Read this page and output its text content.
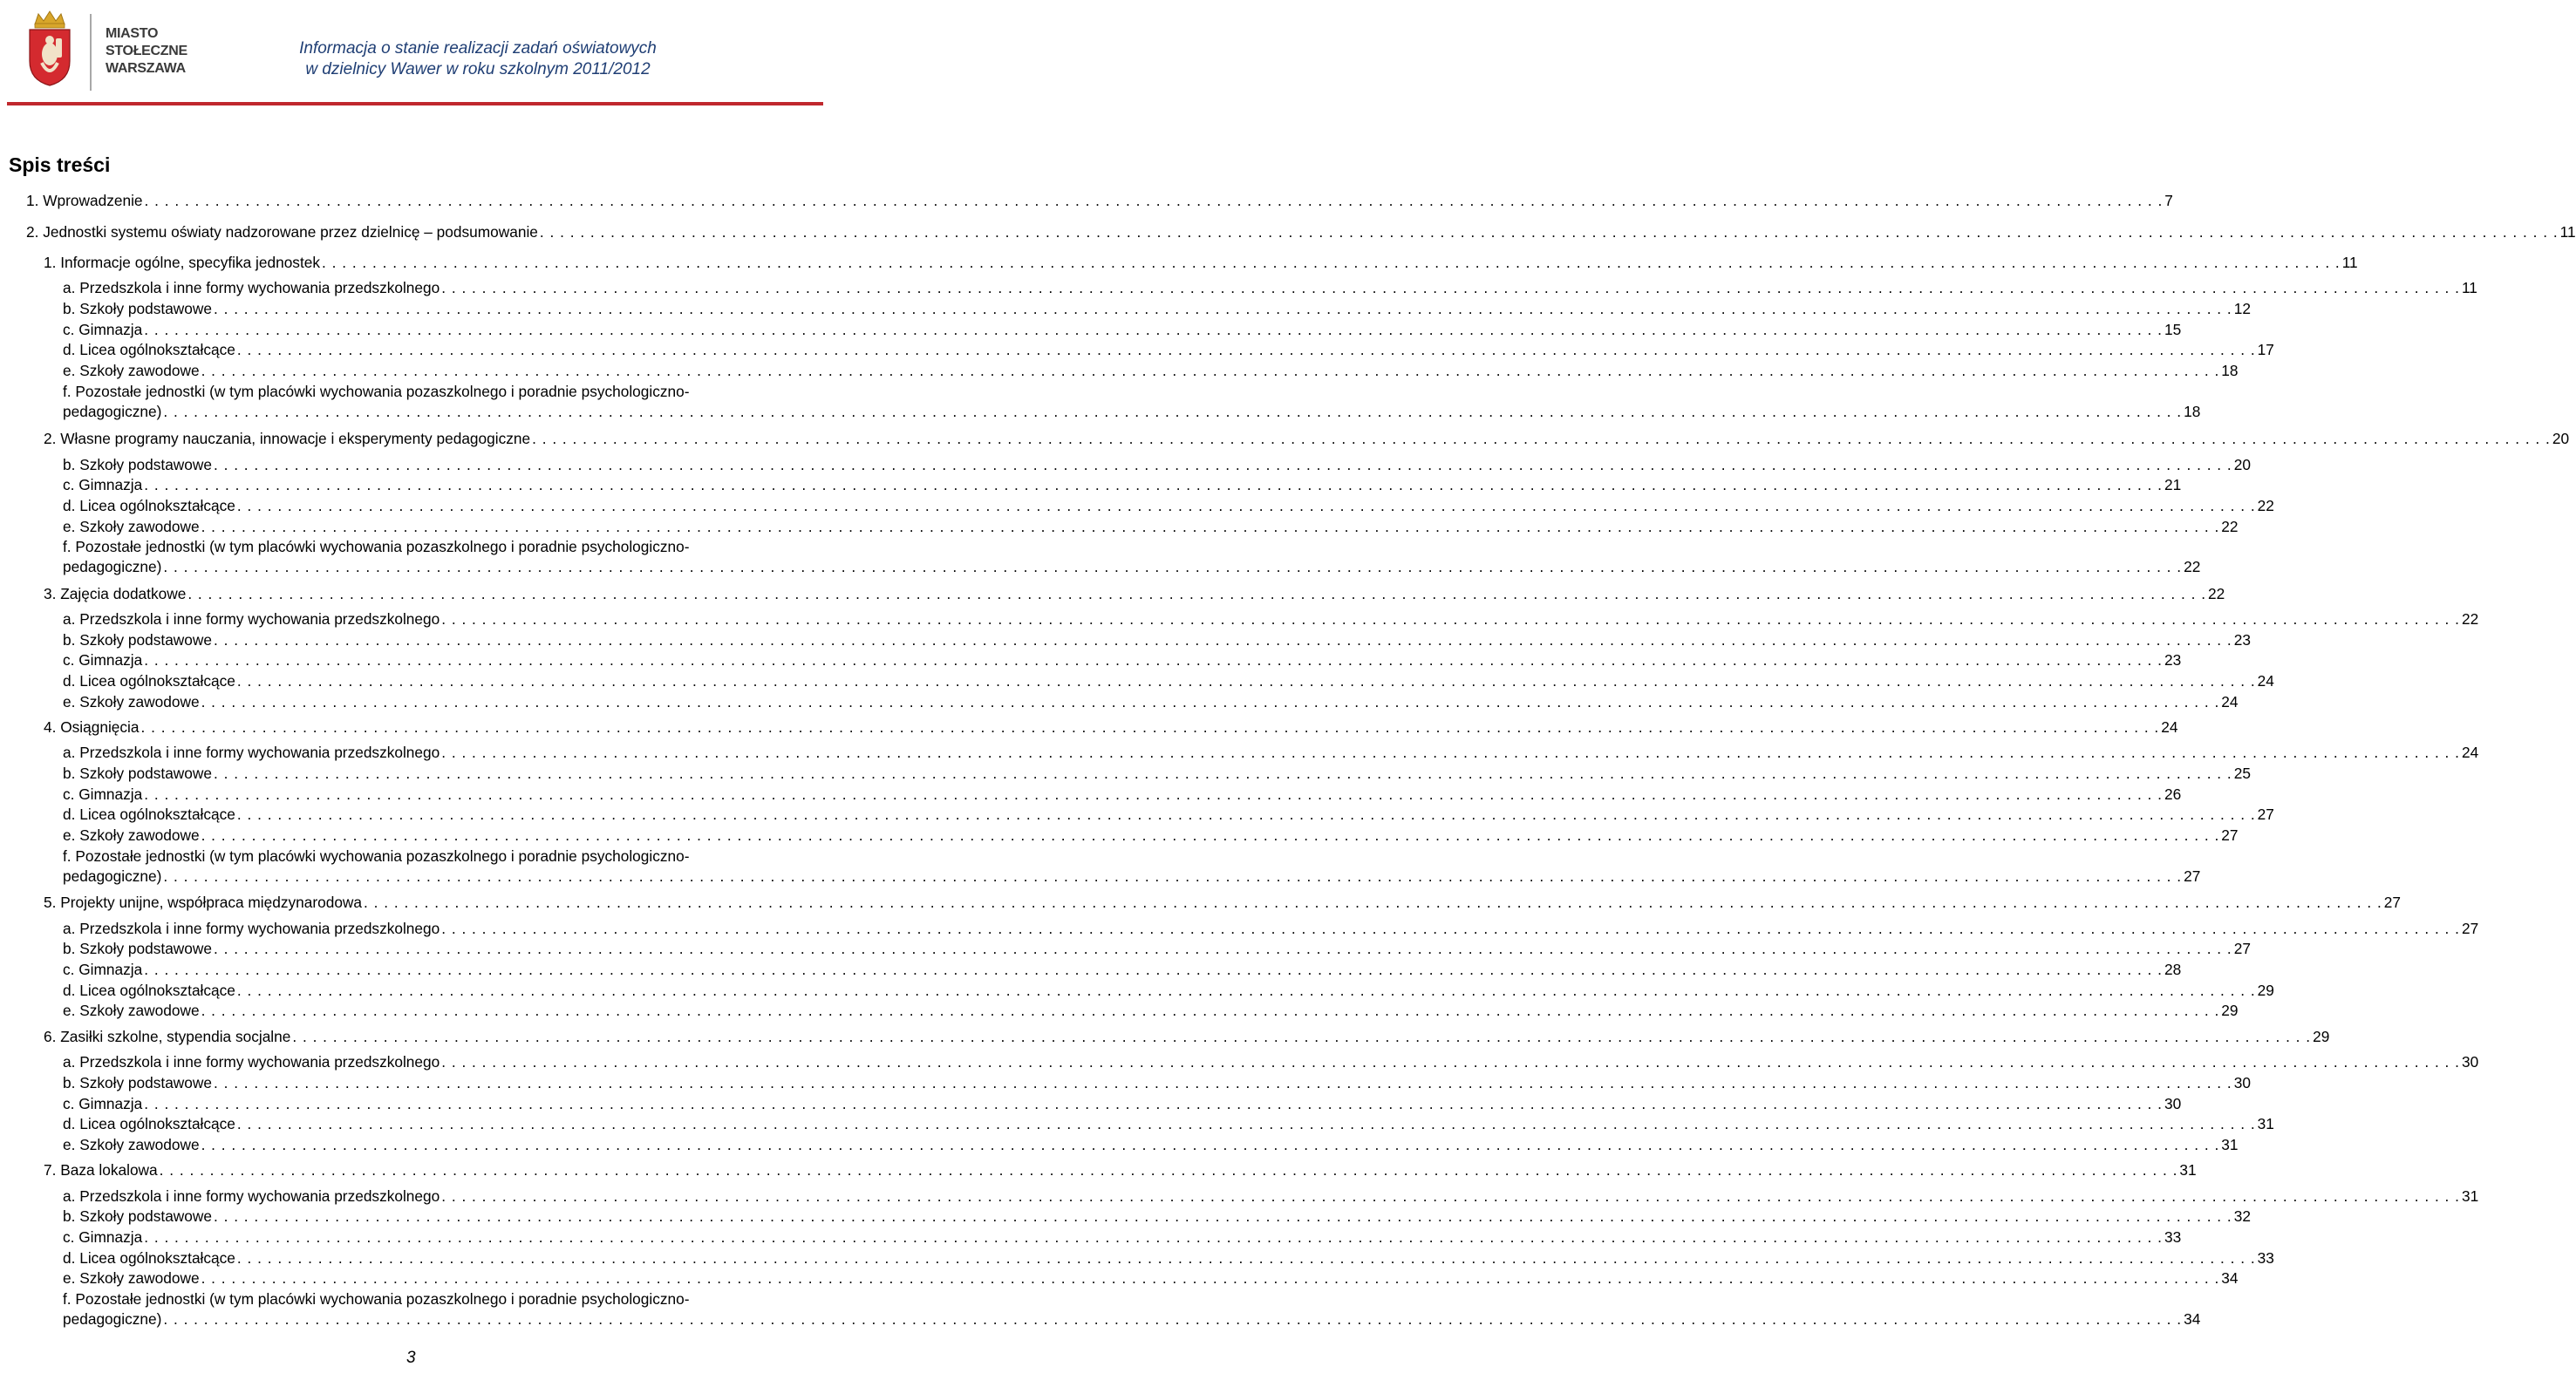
MIASTO
STOŁECZNE
WARSZAWA
Informacja o stanie realizacji zadań oświatowych
w dzielnicy Wawer w roku szkolnym 2011/2012
Spis treści
1. Wprowadzenie . . . . . . . . . . . . . . . . . . . . . . . . . . . . . . . . . . . . . . . . . . . . . . . . . . . . . . . . . . . . . . . . . . . . . . . . . . . . . . . . . . . . . . . . . . . . . . . . . . . . . . . . . . . . . . . . . . . . . . . . . . . . . . . . . . . . . . . . . . . . . . . . . . . . . . . . . . . . . . . . . . . . . . . . . . . . . . . . . . . . . . . . . . . . . . . . . . . . . . . . 7
2. Jednostki systemu oświaty nadzorowane przez dzielnicę – podsumowanie . . . . . . . . . . . . . . . . . . . . . . . . . . . . . . . . . . . . . . . . . . . . . . . . . . . . . . . . . . . . . . . . . . . . . . . . . . . . . . . . . . . . . . . . . . . . . . . . . . . . . . . . . . . . . . . . . . . . . . . . . . . . . . . . . . . . . . . . . . . . . . . . . . . . . . . . . . . . . . . . . . . . . . . . . . . . . . . . . . . . . . . . . . . . . . . . . . . . . . . . 11
1. Informacje ogólne, specyfika jednostek . . . . . . . . . . . . . . . . . . . . . . . . . . . . . . . . . . . . . . . . . . . . . . . . . . . . . . . . . . . . . . . . . . . . . . . . . . . . . . . . . . . . . . . . . . . . . . . . . . . . . . . . . . . . . . . . . . . . . . . . . . . . . . . . . . . . . . . . . . . . . . . . . . . . . . . . . . . . . . . . . . . . . . . . . . . . . . . . . . . . . . . . . . . . . . . . . . . . . . . . 11
a. Przedszkola i inne formy wychowania przedszkolnego . . . . . . . . . . . . . . . . . . . . . . . . . . . . . . . . . . . . . . . . . . . . . . . . . . . . . . . . . . . . . . . . . . . . . . . . . . . . . . . . . . . . . . . . . . . . . . . . . . . . . . . . . . . . . . . . . . . . . . . . . . . . . . . . . . . . . . . . . . . . . . . . . . . . . . . . . . . . . . . . . . . . . . . . . . . . . . . . . . . . . . . . . . . . . . . . . . . . . . . . 11
b. Szkoły podstawowe . . . . . . . . . . . . . . . . . . . . . . . . . . . . . . . . . . . . . . . . . . . . . . . . . . . . . . . . . . . . . . . . . . . . . . . . . . . . . . . . . . . . . . . . . . . . . . . . . . . . . . . . . . . . . . . . . . . . . . . . . . . . . . . . . . . . . . . . . . . . . . . . . . . . . . . . . . . . . . . . . . . . . . . . . . . . . . . . . . . . . . . . . . . . . . . . . . . . . . . . 12
c. Gimnazja . . . . . . . . . . . . . . . . . . . . . . . . . . . . . . . . . . . . . . . . . . . . . . . . . . . . . . . . . . . . . . . . . . . . . . . . . . . . . . . . . . . . . . . . . . . . . . . . . . . . . . . . . . . . . . . . . . . . . . . . . . . . . . . . . . . . . . . . . . . . . . . . . . . . . . . . . . . . . . . . . . . . . . . . . . . . . . . . . . . . . . . . . . . . . . . . . . . . . . . . 15
d. Licea ogólnokształcące . . . . . . . . . . . . . . . . . . . . . . . . . . . . . . . . . . . . . . . . . . . . . . . . . . . . . . . . . . . . . . . . . . . . . . . . . . . . . . . . . . . . . . . . . . . . . . . . . . . . . . . . . . . . . . . . . . . . . . . . . . . . . . . . . . . . . . . . . . . . . . . . . . . . . . . . . . . . . . . . . . . . . . . . . . . . . . . . . . . . . . . . . . . . . . . . . . . . . . . . 17
e. Szkoły zawodowe . . . . . . . . . . . . . . . . . . . . . . . . . . . . . . . . . . . . . . . . . . . . . . . . . . . . . . . . . . . . . . . . . . . . . . . . . . . . . . . . . . . . . . . . . . . . . . . . . . . . . . . . . . . . . . . . . . . . . . . . . . . . . . . . . . . . . . . . . . . . . . . . . . . . . . . . . . . . . . . . . . . . . . . . . . . . . . . . . . . . . . . . . . . . . . . . . . . . . . . . 18
f. Pozostałe jednostki (w tym placówki wychowania pozaszkolnego i poradnie psychologiczno-
pedagogiczne) . . . . . . . . . . . . . . . . . . . . . . . . . . . . . . . . . . . . . . . . . . . . . . . . . . . . . . . . . . . . . . . . . . . . . . . . . . . . . . . . . . . . . . . . . . . . . . . . . . . . . . . . . . . . . . . . . . . . . . . . . . . . . . . . . . . . . . . . . . . . . . . . . . . . . . . . . . . . . . . . . . . . . . . . . . . . . . . . . . . . . . . . . . . . . . . . . . . . . . . . 18
2. Własne programy nauczania, innowacje i eksperymenty pedagogiczne . . . . . . . . . . . . . . . . . . . . . . . . . . . . . . . . . . . . . . . . . . . . . . . . . . . . . . . . . . . . . . . . . . . . . . . . . . . . . . . . . . . . . . . . . . . . . . . . . . . . . . . . . . . . . . . . . . . . . . . . . . . . . . . . . . . . . . . . . . . . . . . . . . . . . . . . . . . . . . . . . . . . . . . . . . . . . . . . . . . . . . . . . . . . . . . . . . . . . . . . 20
b. Szkoły podstawowe . . . . . . . . . . . . . . . . . . . . . . . . . . . . . . . . . . . . . . . . . . . . . . . . . . . . . . . . . . . . . . . . . . . . . . . . . . . . . . . . . . . . . . . . . . . . . . . . . . . . . . . . . . . . . . . . . . . . . . . . . . . . . . . . . . . . . . . . . . . . . . . . . . . . . . . . . . . . . . . . . . . . . . . . . . . . . . . . . . . . . . . . . . . . . . . . . . . . . . . . 20
c. Gimnazja . . . . . . . . . . . . . . . . . . . . . . . . . . . . . . . . . . . . . . . . . . . . . . . . . . . . . . . . . . . . . . . . . . . . . . . . . . . . . . . . . . . . . . . . . . . . . . . . . . . . . . . . . . . . . . . . . . . . . . . . . . . . . . . . . . . . . . . . . . . . . . . . . . . . . . . . . . . . . . . . . . . . . . . . . . . . . . . . . . . . . . . . . . . . . . . . . . . . . . . . 21
d. Licea ogólnokształcące . . . . . . . . . . . . . . . . . . . . . . . . . . . . . . . . . . . . . . . . . . . . . . . . . . . . . . . . . . . . . . . . . . . . . . . . . . . . . . . . . . . . . . . . . . . . . . . . . . . . . . . . . . . . . . . . . . . . . . . . . . . . . . . . . . . . . . . . . . . . . . . . . . . . . . . . . . . . . . . . . . . . . . . . . . . . . . . . . . . . . . . . . . . . . . . . . . . . . . . . 22
e. Szkoły zawodowe . . . . . . . . . . . . . . . . . . . . . . . . . . . . . . . . . . . . . . . . . . . . . . . . . . . . . . . . . . . . . . . . . . . . . . . . . . . . . . . . . . . . . . . . . . . . . . . . . . . . . . . . . . . . . . . . . . . . . . . . . . . . . . . . . . . . . . . . . . . . . . . . . . . . . . . . . . . . . . . . . . . . . . . . . . . . . . . . . . . . . . . . . . . . . . . . . . . . . . . . 22
f. Pozostałe jednostki (w tym placówki wychowania pozaszkolnego i poradnie psychologiczno-
pedagogiczne) . . . . . . . . . . . . . . . . . . . . . . . . . . . . . . . . . . . . . . . . . . . . . . . . . . . . . . . . . . . . . . . . . . . . . . . . . . . . . . . . . . . . . . . . . . . . . . . . . . . . . . . . . . . . . . . . . . . . . . . . . . . . . . . . . . . . . . . . . . . . . . . . . . . . . . . . . . . . . . . . . . . . . . . . . . . . . . . . . . . . . . . . . . . . . . . . . . . . . . . . 22
3. Zajęcia dodatkowe . . . . . . . . . . . . . . . . . . . . . . . . . . . . . . . . . . . . . . . . . . . . . . . . . . . . . . . . . . . . . . . . . . . . . . . . . . . . . . . . . . . . . . . . . . . . . . . . . . . . . . . . . . . . . . . . . . . . . . . . . . . . . . . . . . . . . . . . . . . . . . . . . . . . . . . . . . . . . . . . . . . . . . . . . . . . . . . . . . . . . . . . . . . . . . . . . . . . . . . . 22
a. Przedszkola i inne formy wychowania przedszkolnego . . . . . . . . . . . . . . . . . . . . . . . . . . . . . . . . . . . . . . . . . . . . . . . . . . . . . . . . . . . . . . . . . . . . . . . . . . . . . . . . . . . . . . . . . . . . . . . . . . . . . . . . . . . . . . . . . . . . . . . . . . . . . . . . . . . . . . . . . . . . . . . . . . . . . . . . . . . . . . . . . . . . . . . . . . . . . . . . . . . . . . . . . . . . . . . . . . . . . . . . 22
b. Szkoły podstawowe . . . . . . . . . . . . . . . . . . . . . . . . . . . . . . . . . . . . . . . . . . . . . . . . . . . . . . . . . . . . . . . . . . . . . . . . . . . . . . . . . . . . . . . . . . . . . . . . . . . . . . . . . . . . . . . . . . . . . . . . . . . . . . . . . . . . . . . . . . . . . . . . . . . . . . . . . . . . . . . . . . . . . . . . . . . . . . . . . . . . . . . . . . . . . . . . . . . . . . . . 23
c. Gimnazja . . . . . . . . . . . . . . . . . . . . . . . . . . . . . . . . . . . . . . . . . . . . . . . . . . . . . . . . . . . . . . . . . . . . . . . . . . . . . . . . . . . . . . . . . . . . . . . . . . . . . . . . . . . . . . . . . . . . . . . . . . . . . . . . . . . . . . . . . . . . . . . . . . . . . . . . . . . . . . . . . . . . . . . . . . . . . . . . . . . . . . . . . . . . . . . . . . . . . . . . 23
d. Licea ogólnokształcące . . . . . . . . . . . . . . . . . . . . . . . . . . . . . . . . . . . . . . . . . . . . . . . . . . . . . . . . . . . . . . . . . . . . . . . . . . . . . . . . . . . . . . . . . . . . . . . . . . . . . . . . . . . . . . . . . . . . . . . . . . . . . . . . . . . . . . . . . . . . . . . . . . . . . . . . . . . . . . . . . . . . . . . . . . . . . . . . . . . . . . . . . . . . . . . . . . . . . . . . 24
e. Szkoły zawodowe . . . . . . . . . . . . . . . . . . . . . . . . . . . . . . . . . . . . . . . . . . . . . . . . . . . . . . . . . . . . . . . . . . . . . . . . . . . . . . . . . . . . . . . . . . . . . . . . . . . . . . . . . . . . . . . . . . . . . . . . . . . . . . . . . . . . . . . . . . . . . . . . . . . . . . . . . . . . . . . . . . . . . . . . . . . . . . . . . . . . . . . . . . . . . . . . . . . . . . . . 24
4. Osiągnięcia . . . . . . . . . . . . . . . . . . . . . . . . . . . . . . . . . . . . . . . . . . . . . . . . . . . . . . . . . . . . . . . . . . . . . . . . . . . . . . . . . . . . . . . . . . . . . . . . . . . . . . . . . . . . . . . . . . . . . . . . . . . . . . . . . . . . . . . . . . . . . . . . . . . . . . . . . . . . . . . . . . . . . . . . . . . . . . . . . . . . . . . . . . . . . . . . . . . . . . . . 24
a. Przedszkola i inne formy wychowania przedszkolnego . . . . . . . . . . . . . . . . . . . . . . . . . . . . . . . . . . . . . . . . . . . . . . . . . . . . . . . . . . . . . . . . . . . . . . . . . . . . . . . . . . . . . . . . . . . . . . . . . . . . . . . . . . . . . . . . . . . . . . . . . . . . . . . . . . . . . . . . . . . . . . . . . . . . . . . . . . . . . . . . . . . . . . . . . . . . . . . . . . . . . . . . . . . . . . . . . . . . . . . . 24
b. Szkoły podstawowe . . . . . . . . . . . . . . . . . . . . . . . . . . . . . . . . . . . . . . . . . . . . . . . . . . . . . . . . . . . . . . . . . . . . . . . . . . . . . . . . . . . . . . . . . . . . . . . . . . . . . . . . . . . . . . . . . . . . . . . . . . . . . . . . . . . . . . . . . . . . . . . . . . . . . . . . . . . . . . . . . . . . . . . . . . . . . . . . . . . . . . . . . . . . . . . . . . . . . . . . 25
c. Gimnazja . . . . . . . . . . . . . . . . . . . . . . . . . . . . . . . . . . . . . . . . . . . . . . . . . . . . . . . . . . . . . . . . . . . . . . . . . . . . . . . . . . . . . . . . . . . . . . . . . . . . . . . . . . . . . . . . . . . . . . . . . . . . . . . . . . . . . . . . . . . . . . . . . . . . . . . . . . . . . . . . . . . . . . . . . . . . . . . . . . . . . . . . . . . . . . . . . . . . . . . . 26
d. Licea ogólnokształcące . . . . . . . . . . . . . . . . . . . . . . . . . . . . . . . . . . . . . . . . . . . . . . . . . . . . . . . . . . . . . . . . . . . . . . . . . . . . . . . . . . . . . . . . . . . . . . . . . . . . . . . . . . . . . . . . . . . . . . . . . . . . . . . . . . . . . . . . . . . . . . . . . . . . . . . . . . . . . . . . . . . . . . . . . . . . . . . . . . . . . . . . . . . . . . . . . . . . . . . . 27
e. Szkoły zawodowe . . . . . . . . . . . . . . . . . . . . . . . . . . . . . . . . . . . . . . . . . . . . . . . . . . . . . . . . . . . . . . . . . . . . . . . . . . . . . . . . . . . . . . . . . . . . . . . . . . . . . . . . . . . . . . . . . . . . . . . . . . . . . . . . . . . . . . . . . . . . . . . . . . . . . . . . . . . . . . . . . . . . . . . . . . . . . . . . . . . . . . . . . . . . . . . . . . . . . . . . 27
f. Pozostałe jednostki (w tym placówki wychowania pozaszkolnego i poradnie psychologiczno-
pedagogiczne) . . . . . . . . . . . . . . . . . . . . . . . . . . . . . . . . . . . . . . . . . . . . . . . . . . . . . . . . . . . . . . . . . . . . . . . . . . . . . . . . . . . . . . . . . . . . . . . . . . . . . . . . . . . . . . . . . . . . . . . . . . . . . . . . . . . . . . . . . . . . . . . . . . . . . . . . . . . . . . . . . . . . . . . . . . . . . . . . . . . . . . . . . . . . . . . . . . . . . . . . 27
5. Projekty unijne, współpraca międzynarodowa . . . . . . . . . . . . . . . . . . . . . . . . . . . . . . . . . . . . . . . . . . . . . . . . . . . . . . . . . . . . . . . . . . . . . . . . . . . . . . . . . . . . . . . . . . . . . . . . . . . . . . . . . . . . . . . . . . . . . . . . . . . . . . . . . . . . . . . . . . . . . . . . . . . . . . . . . . . . . . . . . . . . . . . . . . . . . . . . . . . . . . . . . . . . . . . . . . . . . . . . 27
a. Przedszkola i inne formy wychowania przedszkolnego . . . . . . . . . . . . . . . . . . . . . . . . . . . . . . . . . . . . . . . . . . . . . . . . . . . . . . . . . . . . . . . . . . . . . . . . . . . . . . . . . . . . . . . . . . . . . . . . . . . . . . . . . . . . . . . . . . . . . . . . . . . . . . . . . . . . . . . . . . . . . . . . . . . . . . . . . . . . . . . . . . . . . . . . . . . . . . . . . . . . . . . . . . . . . . . . . . . . . . . . 27
b. Szkoły podstawowe . . . . . . . . . . . . . . . . . . . . . . . . . . . . . . . . . . . . . . . . . . . . . . . . . . . . . . . . . . . . . . . . . . . . . . . . . . . . . . . . . . . . . . . . . . . . . . . . . . . . . . . . . . . . . . . . . . . . . . . . . . . . . . . . . . . . . . . . . . . . . . . . . . . . . . . . . . . . . . . . . . . . . . . . . . . . . . . . . . . . . . . . . . . . . . . . . . . . . . . . 27
c. Gimnazja . . . . . . . . . . . . . . . . . . . . . . . . . . . . . . . . . . . . . . . . . . . . . . . . . . . . . . . . . . . . . . . . . . . . . . . . . . . . . . . . . . . . . . . . . . . . . . . . . . . . . . . . . . . . . . . . . . . . . . . . . . . . . . . . . . . . . . . . . . . . . . . . . . . . . . . . . . . . . . . . . . . . . . . . . . . . . . . . . . . . . . . . . . . . . . . . . . . . . . . . 28
d. Licea ogólnokształcące . . . . . . . . . . . . . . . . . . . . . . . . . . . . . . . . . . . . . . . . . . . . . . . . . . . . . . . . . . . . . . . . . . . . . . . . . . . . . . . . . . . . . . . . . . . . . . . . . . . . . . . . . . . . . . . . . . . . . . . . . . . . . . . . . . . . . . . . . . . . . . . . . . . . . . . . . . . . . . . . . . . . . . . . . . . . . . . . . . . . . . . . . . . . . . . . . . . . . . . . 29
e. Szkoły zawodowe . . . . . . . . . . . . . . . . . . . . . . . . . . . . . . . . . . . . . . . . . . . . . . . . . . . . . . . . . . . . . . . . . . . . . . . . . . . . . . . . . . . . . . . . . . . . . . . . . . . . . . . . . . . . . . . . . . . . . . . . . . . . . . . . . . . . . . . . . . . . . . . . . . . . . . . . . . . . . . . . . . . . . . . . . . . . . . . . . . . . . . . . . . . . . . . . . . . . . . . . 29
6. Zasiłki szkolne, stypendia socjalne . . . . . . . . . . . . . . . . . . . . . . . . . . . . . . . . . . . . . . . . . . . . . . . . . . . . . . . . . . . . . . . . . . . . . . . . . . . . . . . . . . . . . . . . . . . . . . . . . . . . . . . . . . . . . . . . . . . . . . . . . . . . . . . . . . . . . . . . . . . . . . . . . . . . . . . . . . . . . . . . . . . . . . . . . . . . . . . . . . . . . . . . . . . . . . . . . . . . . . . . 29
a. Przedszkola i inne formy wychowania przedszkolnego . . . . . . . . . . . . . . . . . . . . . . . . . . . . . . . . . . . . . . . . . . . . . . . . . . . . . . . . . . . . . . . . . . . . . . . . . . . . . . . . . . . . . . . . . . . . . . . . . . . . . . . . . . . . . . . . . . . . . . . . . . . . . . . . . . . . . . . . . . . . . . . . . . . . . . . . . . . . . . . . . . . . . . . . . . . . . . . . . . . . . . . . . . . . . . . . . . . . . . . . 30
b. Szkoły podstawowe . . . . . . . . . . . . . . . . . . . . . . . . . . . . . . . . . . . . . . . . . . . . . . . . . . . . . . . . . . . . . . . . . . . . . . . . . . . . . . . . . . . . . . . . . . . . . . . . . . . . . . . . . . . . . . . . . . . . . . . . . . . . . . . . . . . . . . . . . . . . . . . . . . . . . . . . . . . . . . . . . . . . . . . . . . . . . . . . . . . . . . . . . . . . . . . . . . . . . . . . 30
c. Gimnazja . . . . . . . . . . . . . . . . . . . . . . . . . . . . . . . . . . . . . . . . . . . . . . . . . . . . . . . . . . . . . . . . . . . . . . . . . . . . . . . . . . . . . . . . . . . . . . . . . . . . . . . . . . . . . . . . . . . . . . . . . . . . . . . . . . . . . . . . . . . . . . . . . . . . . . . . . . . . . . . . . . . . . . . . . . . . . . . . . . . . . . . . . . . . . . . . . . . . . . . . 30
d. Licea ogólnokształcące . . . . . . . . . . . . . . . . . . . . . . . . . . . . . . . . . . . . . . . . . . . . . . . . . . . . . . . . . . . . . . . . . . . . . . . . . . . . . . . . . . . . . . . . . . . . . . . . . . . . . . . . . . . . . . . . . . . . . . . . . . . . . . . . . . . . . . . . . . . . . . . . . . . . . . . . . . . . . . . . . . . . . . . . . . . . . . . . . . . . . . . . . . . . . . . . . . . . . . . . 31
e. Szkoły zawodowe . . . . . . . . . . . . . . . . . . . . . . . . . . . . . . . . . . . . . . . . . . . . . . . . . . . . . . . . . . . . . . . . . . . . . . . . . . . . . . . . . . . . . . . . . . . . . . . . . . . . . . . . . . . . . . . . . . . . . . . . . . . . . . . . . . . . . . . . . . . . . . . . . . . . . . . . . . . . . . . . . . . . . . . . . . . . . . . . . . . . . . . . . . . . . . . . . . . . . . . . 31
7. Baza lokalowa . . . . . . . . . . . . . . . . . . . . . . . . . . . . . . . . . . . . . . . . . . . . . . . . . . . . . . . . . . . . . . . . . . . . . . . . . . . . . . . . . . . . . . . . . . . . . . . . . . . . . . . . . . . . . . . . . . . . . . . . . . . . . . . . . . . . . . . . . . . . . . . . . . . . . . . . . . . . . . . . . . . . . . . . . . . . . . . . . . . . . . . . . . . . . . . . . . . . . . . . 31
a. Przedszkola i inne formy wychowania przedszkolnego . . . . . . . . . . . . . . . . . . . . . . . . . . . . . . . . . . . . . . . . . . . . . . . . . . . . . . . . . . . . . . . . . . . . . . . . . . . . . . . . . . . . . . . . . . . . . . . . . . . . . . . . . . . . . . . . . . . . . . . . . . . . . . . . . . . . . . . . . . . . . . . . . . . . . . . . . . . . . . . . . . . . . . . . . . . . . . . . . . . . . . . . . . . . . . . . . . . . . . . . 31
b. Szkoły podstawowe . . . . . . . . . . . . . . . . . . . . . . . . . . . . . . . . . . . . . . . . . . . . . . . . . . . . . . . . . . . . . . . . . . . . . . . . . . . . . . . . . . . . . . . . . . . . . . . . . . . . . . . . . . . . . . . . . . . . . . . . . . . . . . . . . . . . . . . . . . . . . . . . . . . . . . . . . . . . . . . . . . . . . . . . . . . . . . . . . . . . . . . . . . . . . . . . . . . . . . . . 32
c. Gimnazja . . . . . . . . . . . . . . . . . . . . . . . . . . . . . . . . . . . . . . . . . . . . . . . . . . . . . . . . . . . . . . . . . . . . . . . . . . . . . . . . . . . . . . . . . . . . . . . . . . . . . . . . . . . . . . . . . . . . . . . . . . . . . . . . . . . . . . . . . . . . . . . . . . . . . . . . . . . . . . . . . . . . . . . . . . . . . . . . . . . . . . . . . . . . . . . . . . . . . . . . 33
d. Licea ogólnokształcące . . . . . . . . . . . . . . . . . . . . . . . . . . . . . . . . . . . . . . . . . . . . . . . . . . . . . . . . . . . . . . . . . . . . . . . . . . . . . . . . . . . . . . . . . . . . . . . . . . . . . . . . . . . . . . . . . . . . . . . . . . . . . . . . . . . . . . . . . . . . . . . . . . . . . . . . . . . . . . . . . . . . . . . . . . . . . . . . . . . . . . . . . . . . . . . . . . . . . . . . 33
e. Szkoły zawodowe . . . . . . . . . . . . . . . . . . . . . . . . . . . . . . . . . . . . . . . . . . . . . . . . . . . . . . . . . . . . . . . . . . . . . . . . . . . . . . . . . . . . . . . . . . . . . . . . . . . . . . . . . . . . . . . . . . . . . . . . . . . . . . . . . . . . . . . . . . . . . . . . . . . . . . . . . . . . . . . . . . . . . . . . . . . . . . . . . . . . . . . . . . . . . . . . . . . . . . . . 34
f. Pozostałe jednostki (w tym placówki wychowania pozaszkolnego i poradnie psychologiczno-
pedagogiczne) . . . . . . . . . . . . . . . . . . . . . . . . . . . . . . . . . . . . . . . . . . . . . . . . . . . . . . . . . . . . . . . . . . . . . . . . . . . . . . . . . . . . . . . . . . . . . . . . . . . . . . . . . . . . . . . . . . . . . . . . . . . . . . . . . . . . . . . . . . . . . . . . . . . . . . . . . . . . . . . . . . . . . . . . . . . . . . . . . . . . . . . . . . . . . . . . . . . . . . . . 34
3
